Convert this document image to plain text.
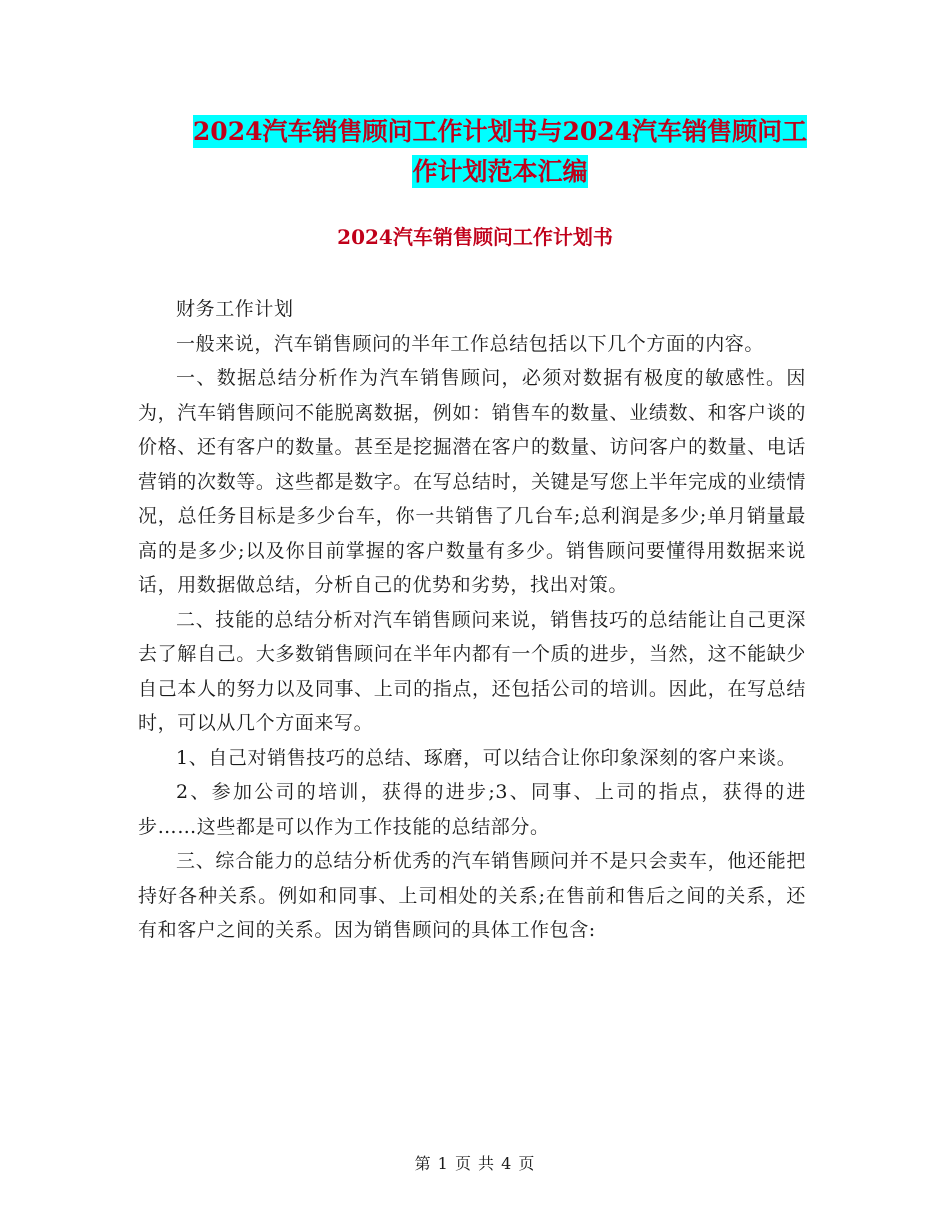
2024汽车销售顾问工作计划书与2024汽车销售顾问工
作计划范本汇编
2024汽车销售顾问工作计划书

财务工作计划

一般来说，汽车销售顾问的半年工作总结包括以下几个方面的内容。

一、数据总结分析作为汽车销售顾问，必须对数据有极度的敏感性。因为，汽车销售顾问不能脱离数据，例如：销售车的数量、业绩数、和客户谈的价格、还有客户的数量。甚至是挖掘潜在客户的数量、访问客户的数量、电话营销的次数等。这些都是数字。在写总结时，关键是写您上半年完成的业绩情况，总任务目标是多少台车，你一共销售了几台车;总利润是多少;单月销量最高的是多少;以及你目前掌握的客户数量有多少。销售顾问要懂得用数据来说话，用数据做总结，分析自己的优势和劣势，找出对策。

二、技能的总结分析对汽车销售顾问来说，销售技巧的总结能让自己更深去了解自己。大多数销售顾问在半年内都有一个质的进步，当然，这不能缺少自己本人的努力以及同事、上司的指点，还包括公司的培训。因此，在写总结时，可以从几个方面来写。

1、自己对销售技巧的总结、琢磨，可以结合让你印象深刻的客户来谈。

2、参加公司的培训，获得的进步;3、同事、上司的指点，获得的进步……这些都是可以作为工作技能的总结部分。

三、综合能力的总结分析优秀的汽车销售顾问并不是只会卖车，他还能把持好各种关系。例如和同事、上司相处的关系;在售前和售后之间的关系，还有和客户之间的关系。因为销售顾问的具体工作包含:

第 1 页 共 4 页
